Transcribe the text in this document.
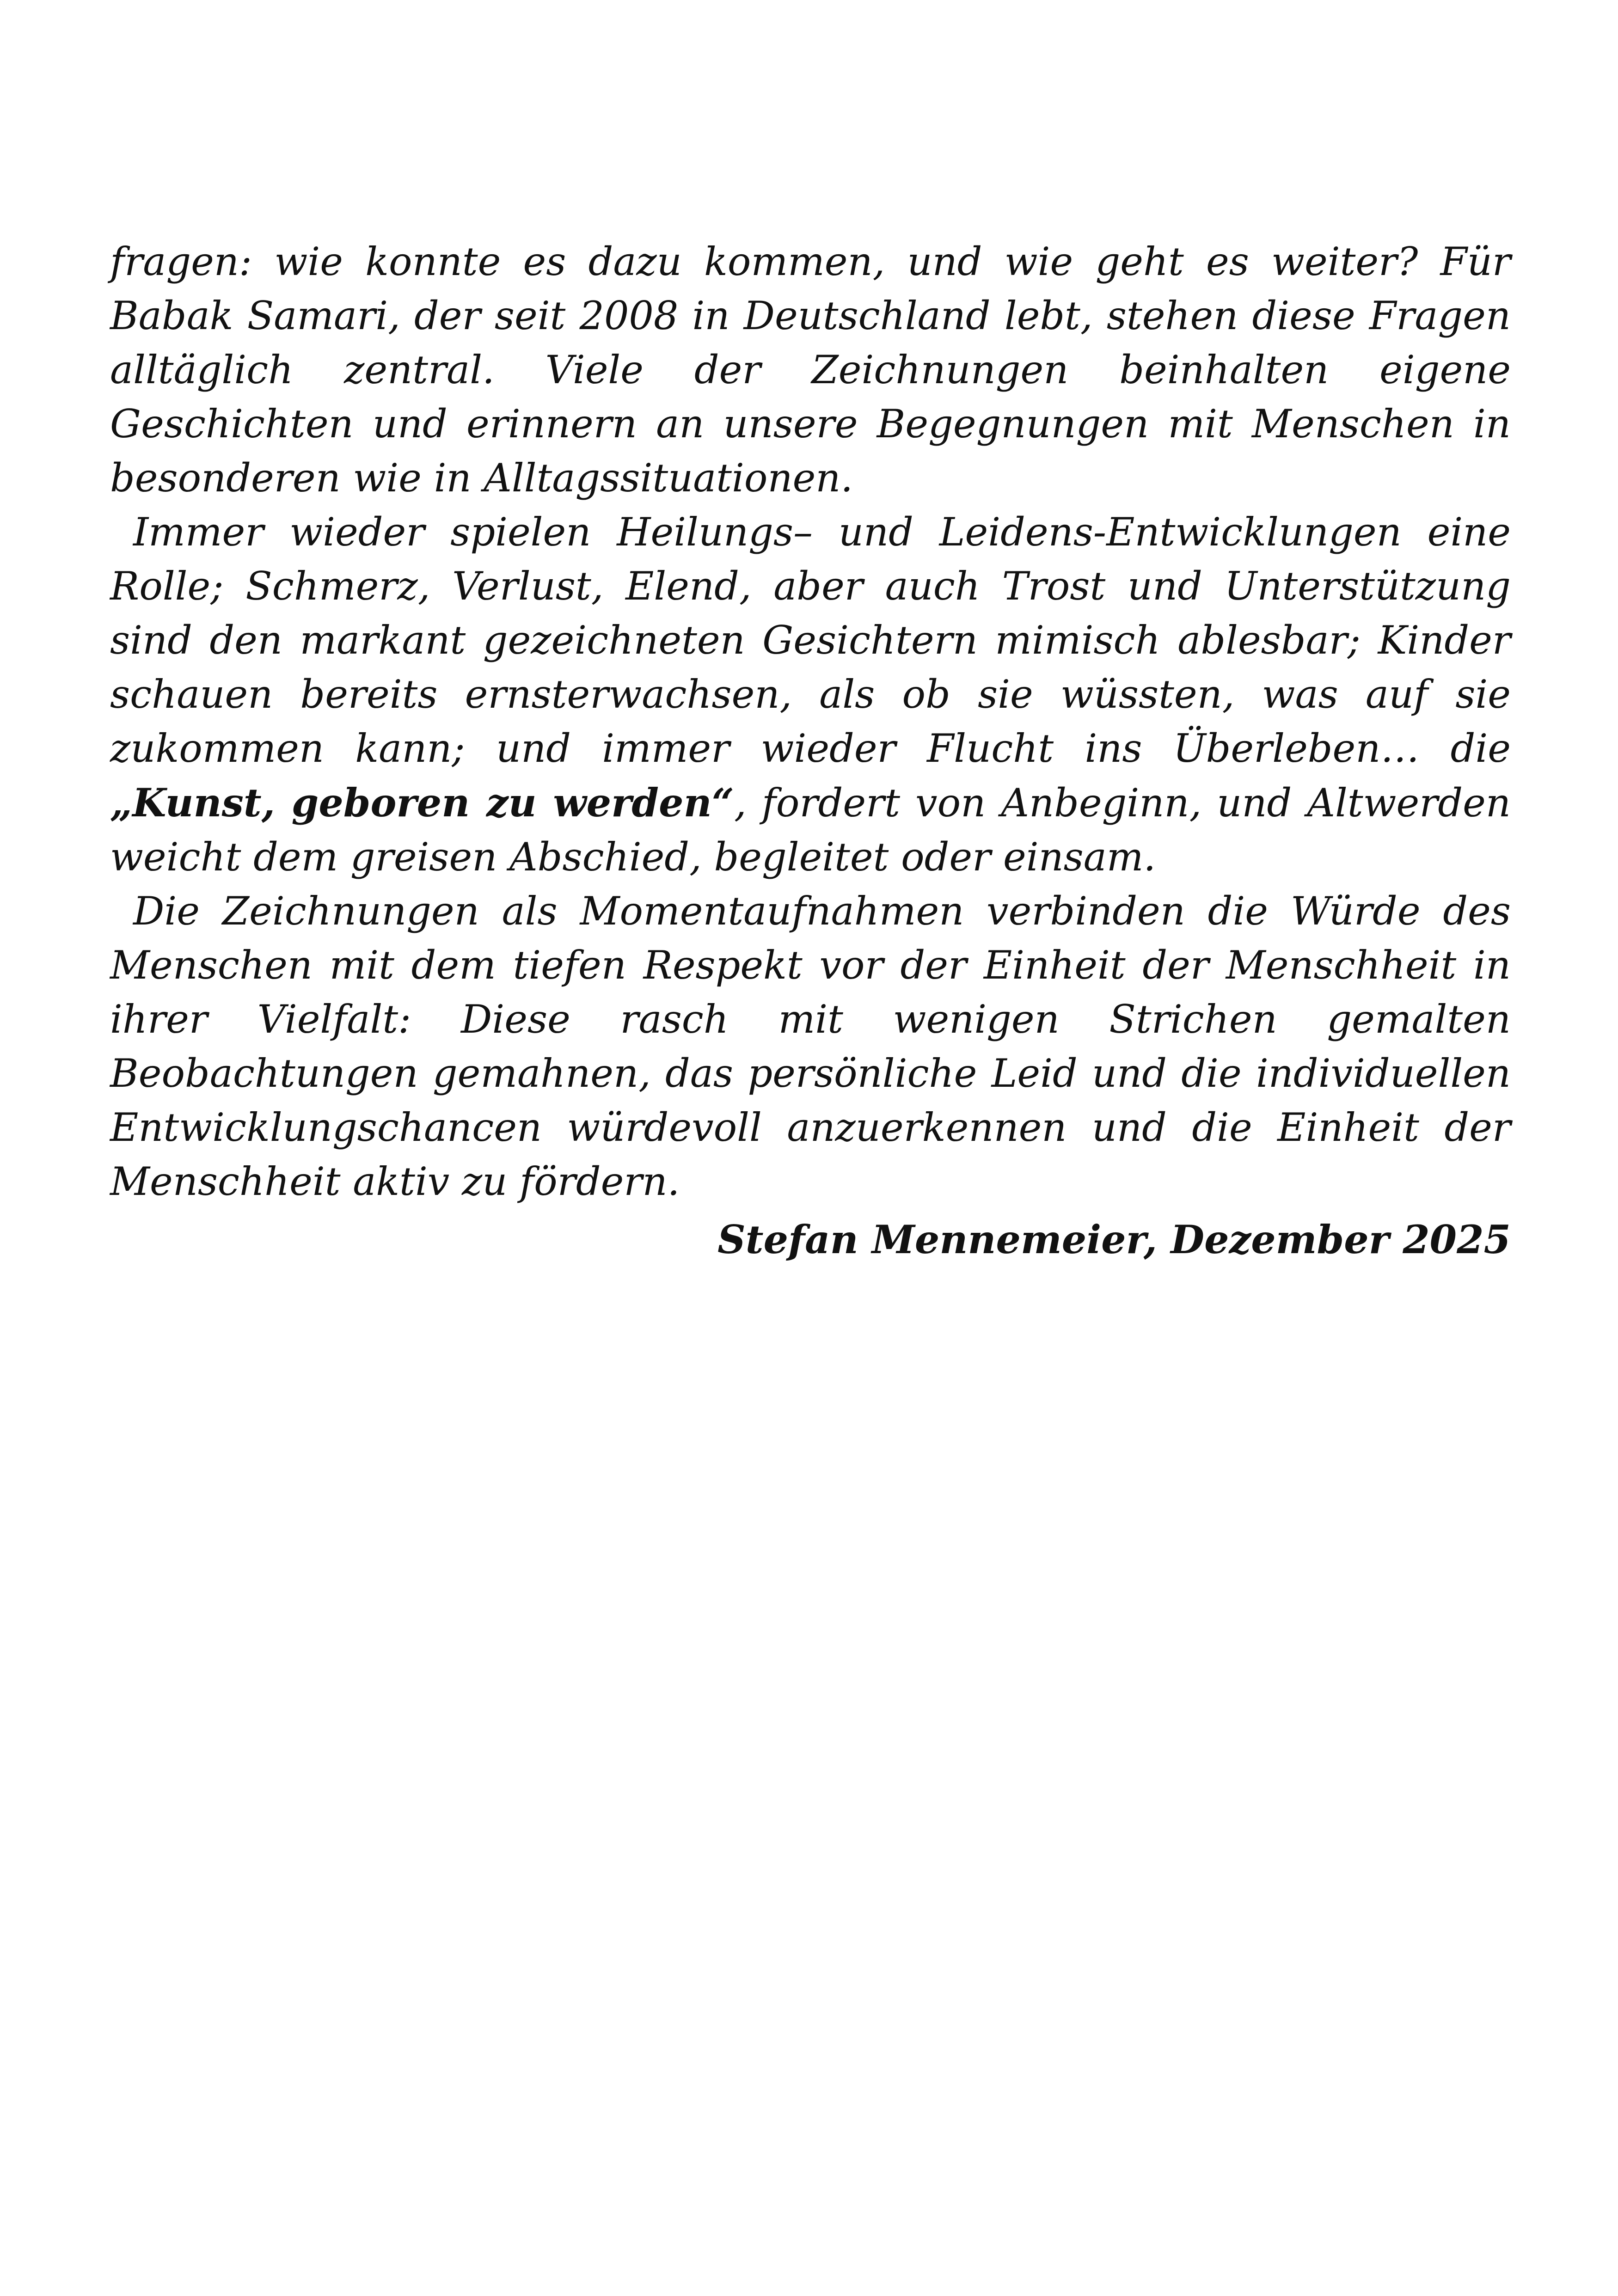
fragen: wie konnte es dazu kommen, und wie geht es weiter? Für Babak Samari, der seit 2008 in Deutschland lebt, stehen diese Fragen alltäglich zentral. Viele der Zeichnungen beinhalten eigene Geschichten und erinnern an unsere Begegnungen mit Menschen in besonderen wie in Alltagssituationen.

Immer wieder spielen Heilungs– und Leidens-Entwicklungen eine Rolle; Schmerz, Verlust, Elend, aber auch Trost und Unterstützung sind den markant gezeichneten Gesichtern mimisch ablesbar; Kinder schauen bereits ernsterwachsen, als ob sie wüssten, was auf sie zukommen kann; und immer wieder Flucht ins Überleben… die „Kunst, geboren zu werden“, fordert von Anbeginn, und Altwerden weicht dem greisen Abschied, begleitet oder einsam.

Die Zeichnungen als Momentaufnahmen verbinden die Würde des Menschen mit dem tiefen Respekt vor der Einheit der Menschheit in ihrer Vielfalt: Diese rasch mit wenigen Strichen gemalten Beobachtungen gemahnen, das persönliche Leid und die individuellen Entwicklungschancen würdevoll anzuerkennen und die Einheit der Menschheit aktiv zu fördern.

Stefan Mennemeier, Dezember 2025
